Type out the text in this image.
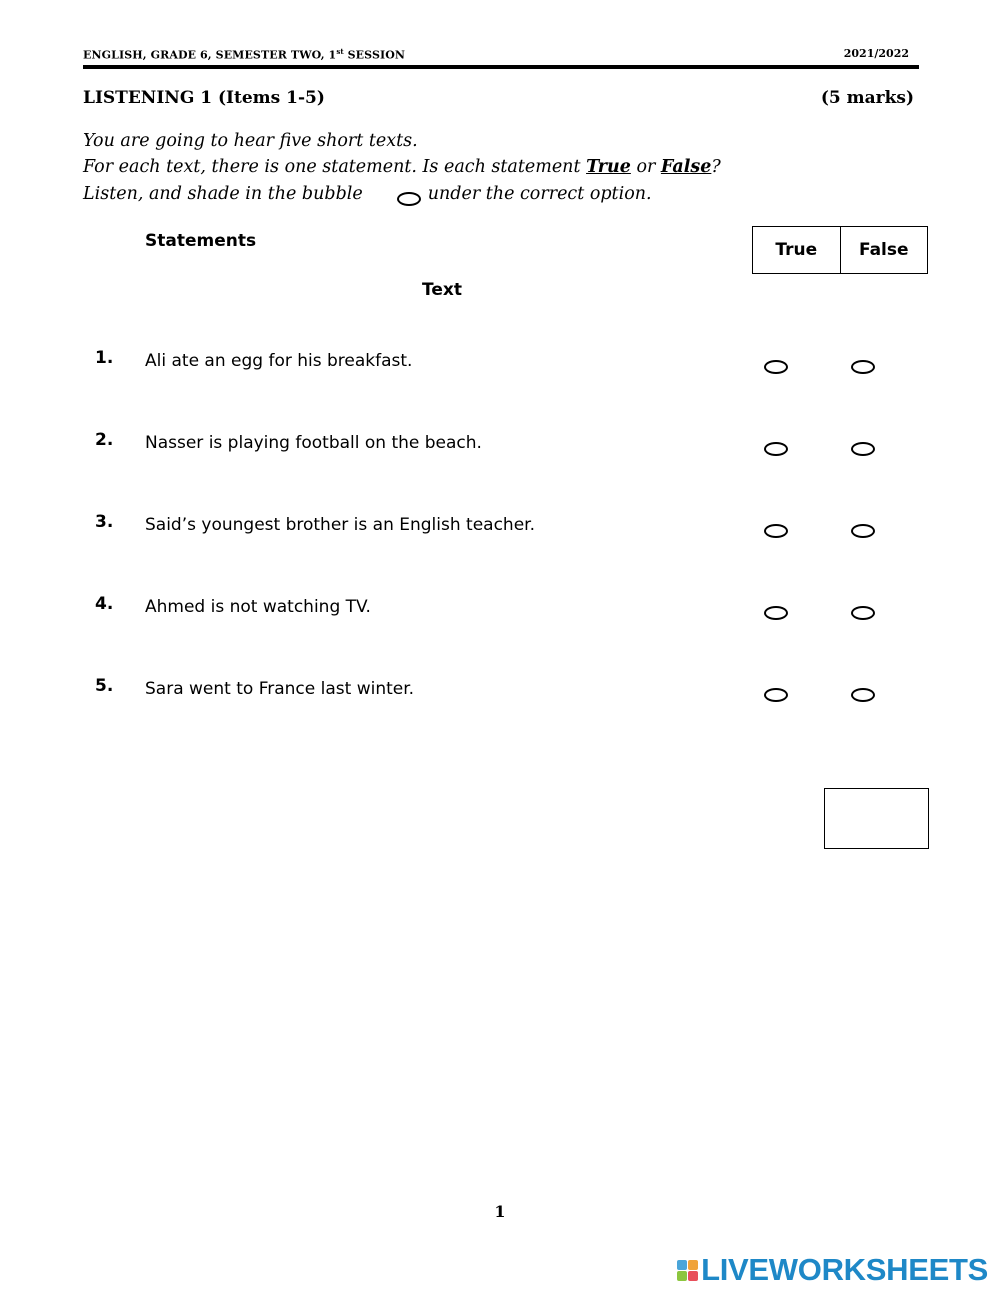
ENGLISH, GRADE 6, SEMESTER TWO, 1st SESSION	2021/2022
LISTENING 1 (Items 1-5)	(5 marks)
You are going to hear five short texts.
For each text, there is one statement. Is each statement True or False?
Listen, and shade in the bubble	under the correct option.
Statements
Text
True	False
1. Ali ate an egg for his breakfast.
2. Nasser is playing football on the beach.
3. Said’s youngest brother is an English teacher.
4. Ahmed is not watching TV.
5. Sara went to France last winter.
1
LIVEWORKSHEETS
